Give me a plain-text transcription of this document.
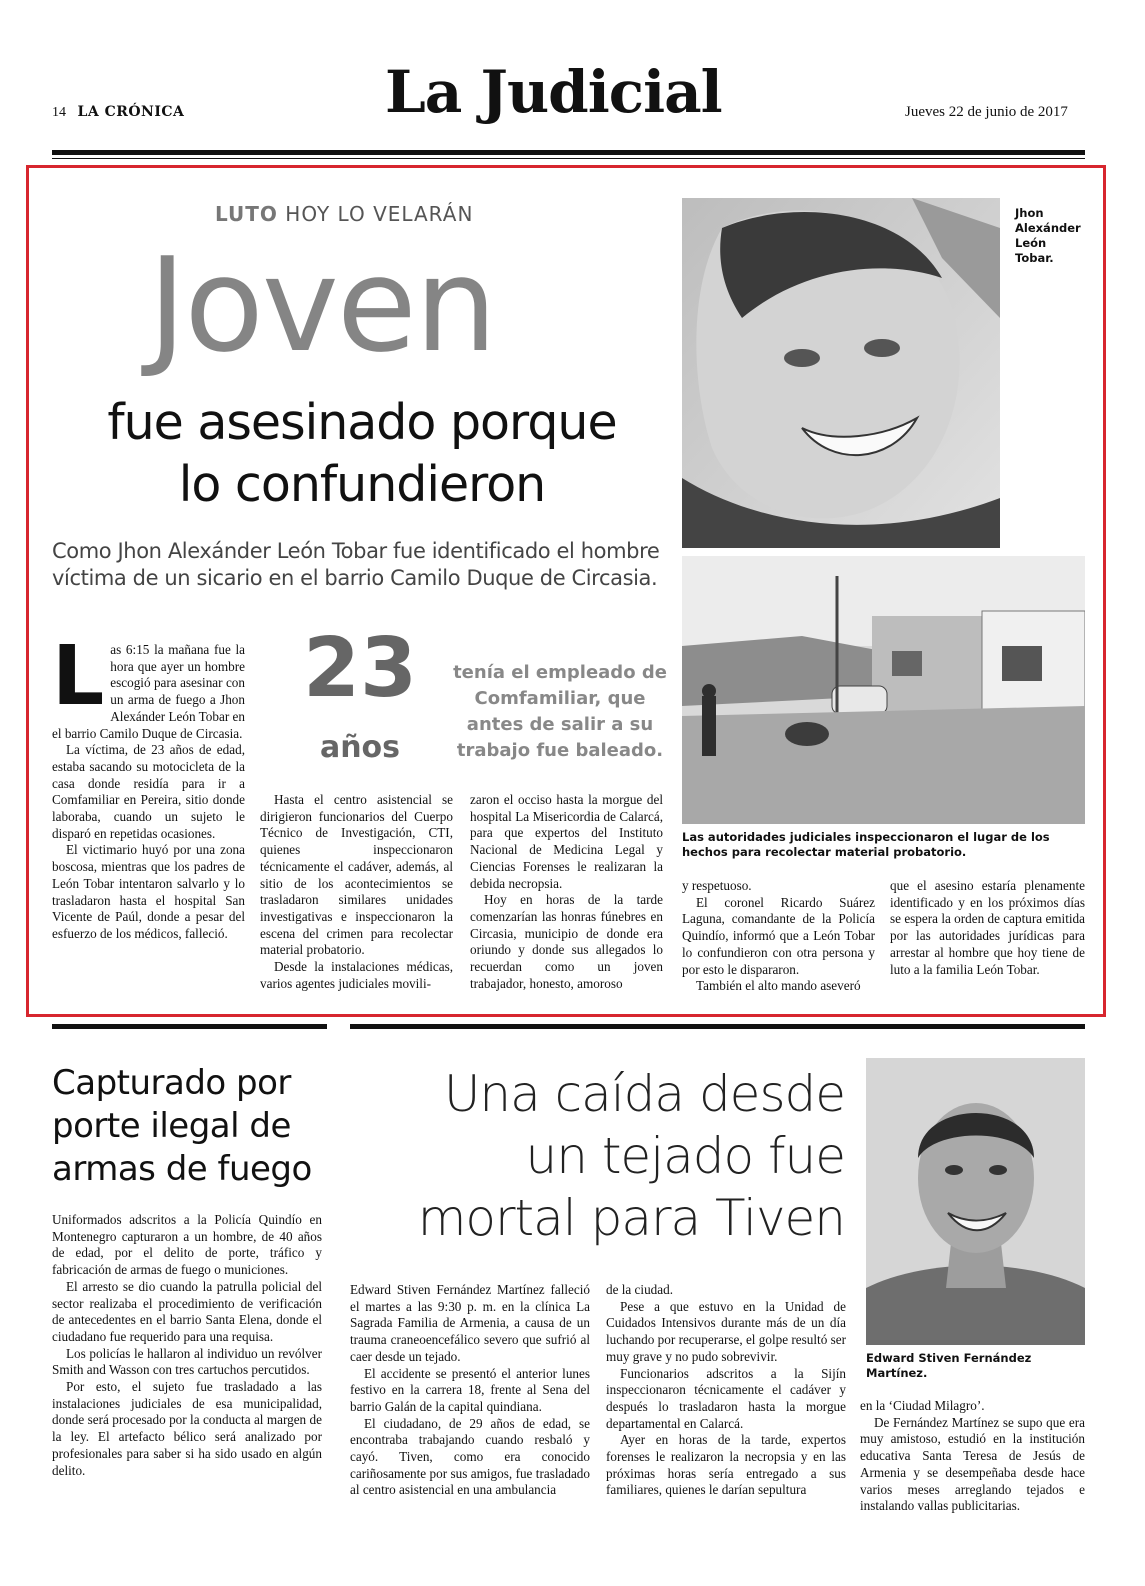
14 LA CRÓNICA	La Judicial	Jueves 22 de junio de 2017
LUTO HOY LO VELARÁN
Joven
fue asesinado porque
lo confundieron
Como Jhon Alexánder León Tobar fue identificado el hombre víctima de un sicario en el barrio Camilo Duque de Circasia.
Jhon Alexánder León Tobar.
Las autoridades judiciales inspeccionaron el lugar de los hechos para recolectar material probatorio.
23
años
tenía el empleado de Comfamiliar, que antes de salir a su trabajo fue baleado.
L as 6:15 la mañana fue la hora que ayer un hombre escogió para asesinar con un arma de fuego a Jhon Alexánder León Tobar en el barrio Camilo Duque de Circasia.

La víctima, de 23 años de edad, estaba sacando su motocicleta de la casa donde residía para ir a Comfamiliar en Pereira, sitio donde laboraba, cuando un sujeto le disparó en repetidas ocasiones.

El victimario huyó por una zona boscosa, mientras que los padres de León Tobar intentaron salvarlo y lo trasladaron hasta el hospital San Vicente de Paúl, donde a pesar del esfuerzo de los médicos, falleció.

Hasta el centro asistencial se dirigieron funcionarios del Cuerpo Técnico de Investigación, CTI, quienes inspeccionaron técnicamente el cadáver, además, al sitio de los acontecimientos se trasladaron similares unidades investigativas e inspeccionaron la escena del crimen para recolectar material probatorio.

Desde la instalaciones médicas, varios agentes judiciales movili-

zaron el occiso hasta la morgue del hospital La Misericordia de Calarcá, para que expertos del Instituto Nacional de Medicina Legal y Ciencias Forenses le realizaran la debida necropsia.

Hoy en horas de la tarde comenzarían las honras fúnebres en Circasia, municipio de donde era oriundo y donde sus allegados lo recuerdan como un joven trabajador, honesto, amoroso

y respetuoso.

El coronel Ricardo Suárez Laguna, comandante de la Policía Quindío, informó que a León Tobar lo confundieron con otra persona y por esto le dispararon.

También el alto mando aseveró

que el asesino estaría plenamente identificado y en los próximos días se espera la orden de captura emitida por las autoridades jurídicas para arrestar al hombre que hoy tiene de luto a la familia León Tobar.

Capturado por porte ilegal de armas de fuego

Uniformados adscritos a la Policía Quindío en Montenegro capturaron a un hombre, de 40 años de edad, por el delito de porte, tráfico y fabricación de armas de fuego o municiones.

El arresto se dio cuando la patrulla policial del sector realizaba el procedimiento de verificación de antecedentes en el barrio Santa Elena, donde el ciudadano fue requerido para una requisa.

Los policías le hallaron al individuo un revólver Smith and Wasson con tres cartuchos percutidos.

Por esto, el sujeto fue trasladado a las instalaciones judiciales de esa municipalidad, donde será procesado por la conducta al margen de la ley. El artefacto bélico será analizado por profesionales para saber si ha sido usado en algún delito.

Una caída desde
un tejado fue
mortal para Tiven
Edward Stiven Fernández Martínez.

Edward Stiven Fernández Martínez falleció el martes a las 9:30 p. m. en la clínica La Sagrada Familia de Armenia, a causa de un trauma craneoencefálico severo que sufrió al caer desde un tejado.

El accidente se presentó el anterior lunes festivo en la carrera 18, frente al Sena del barrio Galán de la capital quindiana.

El ciudadano, de 29 años de edad, se encontraba trabajando cuando resbaló y cayó. Tiven, como era conocido cariñosamente por sus amigos, fue trasladado al centro asistencial en una ambulancia

de la ciudad.

Pese a que estuvo en la Unidad de Cuidados Intensivos durante más de un día luchando por recuperarse, el golpe resultó ser muy grave y no pudo sobrevivir.

Funcionarios adscritos a la Sijín inspeccionaron técnicamente el cadáver y después lo trasladaron hasta la morgue departamental en Calarcá.

Ayer en horas de la tarde, expertos forenses le realizaron la necropsia y en las próximas horas sería entregado a sus familiares, quienes le darían sepultura

en la ‘Ciudad Milagro’.

De Fernández Martínez se supo que era muy amistoso, estudió en la institución educativa Santa Teresa de Jesús de Armenia y se desempeñaba desde hace varios meses arreglando tejados e instalando vallas publicitarias.
